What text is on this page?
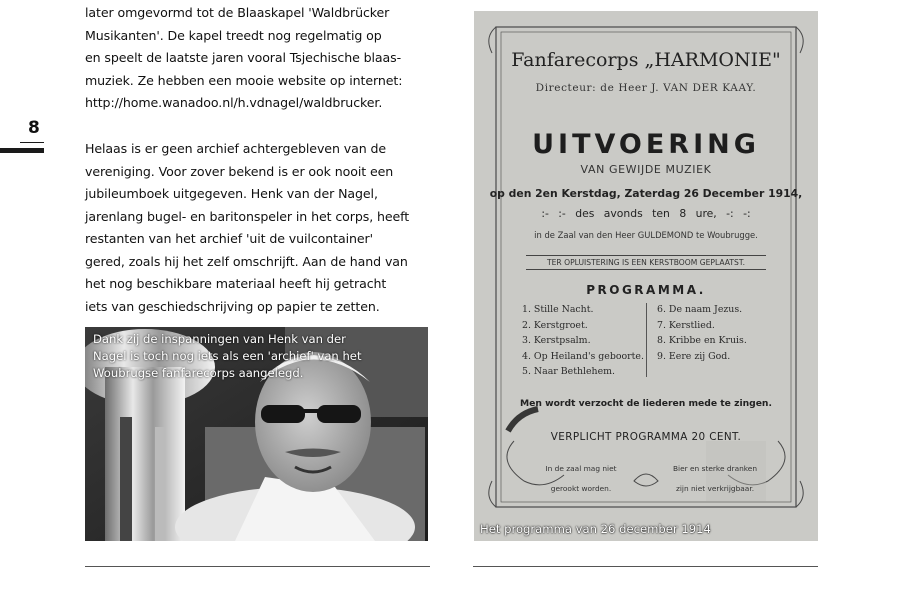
8

later omgevormd tot de Blaaskapel 'Waldbrücker
Musikanten'. De kapel treedt nog regelmatig op
en speelt de laatste jaren vooral Tsjechische blaas-
muziek. Ze hebben een mooie website op internet:
http://home.wanadoo.nl/h.vdnagel/waldbrucker.

Helaas is er geen archief achtergebleven van de
vereniging. Voor zover bekend is er ook nooit een
jubileumboek uitgegeven. Henk van der Nagel,
jarenlang bugel- en baritonspeler in het corps, heeft
restanten van het archief 'uit de vuilcontainer'
gered, zoals hij het zelf omschrijft. Aan de hand van
het nog beschikbare materiaal heeft hij getracht
iets van geschiedschrijving op papier te zetten.

Dank zij de inspanningen van Henk van der
Nagel is toch nog iets als een 'archief' van het
Woubrugse fanfarecorps aangelegd.
Fanfarecorps „HARMONIE"
Directeur: de Heer J. VAN DER KAAY.
UITVOERING
VAN GEWIJDE MUZIEK
op den 2en Kerstdag, Zaterdag 26 December 1914,
:- :- des avonds ten 8 ure, -: -:
in de Zaal van den Heer GULDEMOND te Woubrugge.
TER OPLUISTERING IS EEN KERSTBOOM GEPLAATST.
PROGRAMMA.
1. Stille Nacht.
2. Kerstgroet.
3. Kerstpsalm.
4. Op Heiland's geboorte.
5. Naar Bethlehem.
6. De naam Jezus.
7. Kerstlied.
8. Kribbe en Kruis.
9. Eere zij God.
Men wordt verzocht de liederen mede te zingen.
VERPLICHT PROGRAMMA 20 CENT.
In de zaal mag niet

gerookt worden.
Bier en sterke dranken

zijn niet verkrijgbaar.
Het programma van 26 december 1914
